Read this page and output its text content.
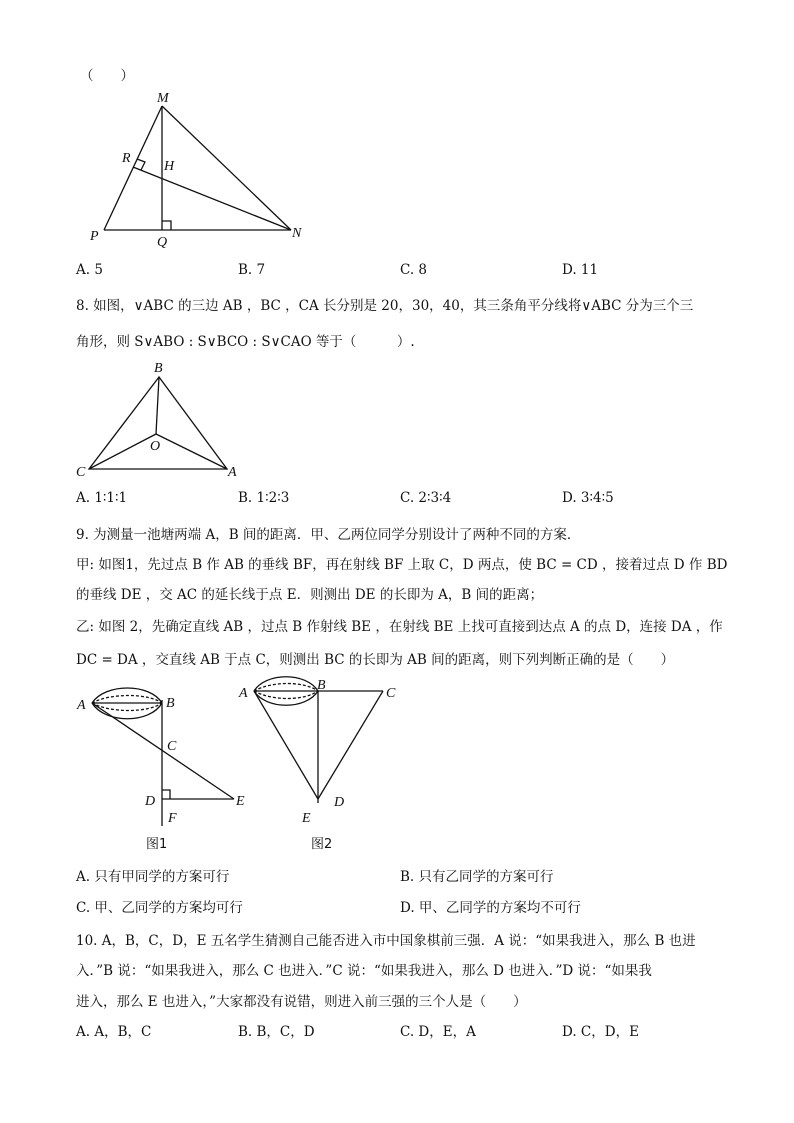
（　　）
M
R
H
P	Q
N
A. 5	B. 7	C. 8	D. 11
8. 如图，∨ABC 的三边 AB ，BC ，CA 长分别是 20，30，40，其三条角平分线将∨ABC 分为三个三
角形，则 S∨ABO : S∨BCO : S∨CAO 等于（　　　）.
B
O
C	A
A. 1∶1∶1	B. 1∶2∶3	C. 2∶3∶4	D. 3∶4∶5
9. 为测量一池塘两端 A，B 间的距离．甲、乙两位同学分别设计了两种不同的方案．
甲: 如图1，先过点 B 作 AB 的垂线 BF，再在射线 BF 上取 C，D 两点，使 BC = CD ，接着过点 D 作 BD
的垂线 DE ，交 AC 的延长线于点 E．则测出 DE 的长即为 A，B 间的距离；
乙: 如图 2，先确定直线 AB ，过点 B 作射线 BE ，在射线 BE 上找可直接到达点 A 的点 D，连接 DA ，作
DC = DA ，交直线 AB 于点 C，则测出 BC 的长即为 AB 间的距离，则下列判断正确的是（　　）
A	B
C
D	E
F
图1
A
B
C
D
E
图2
A. 只有甲同学的方案可行	B. 只有乙同学的方案可行
C. 甲、乙同学的方案均可行	D. 甲、乙同学的方案均不可行
10. A，B，C，D，E 五名学生猜测自己能否进入市中国象棋前三强．A 说：“如果我进入，那么 B 也进
入．”B 说：“如果我进入，那么 C 也进入．”C 说：“如果我进入，那么 D 也进入．”D 说：“如果我
进入，那么 E 也进入，”大家都没有说错，则进入前三强的三个人是（　　）
A. A，B，C	B. B，C，D	C. D，E，A	D. C，D，E
